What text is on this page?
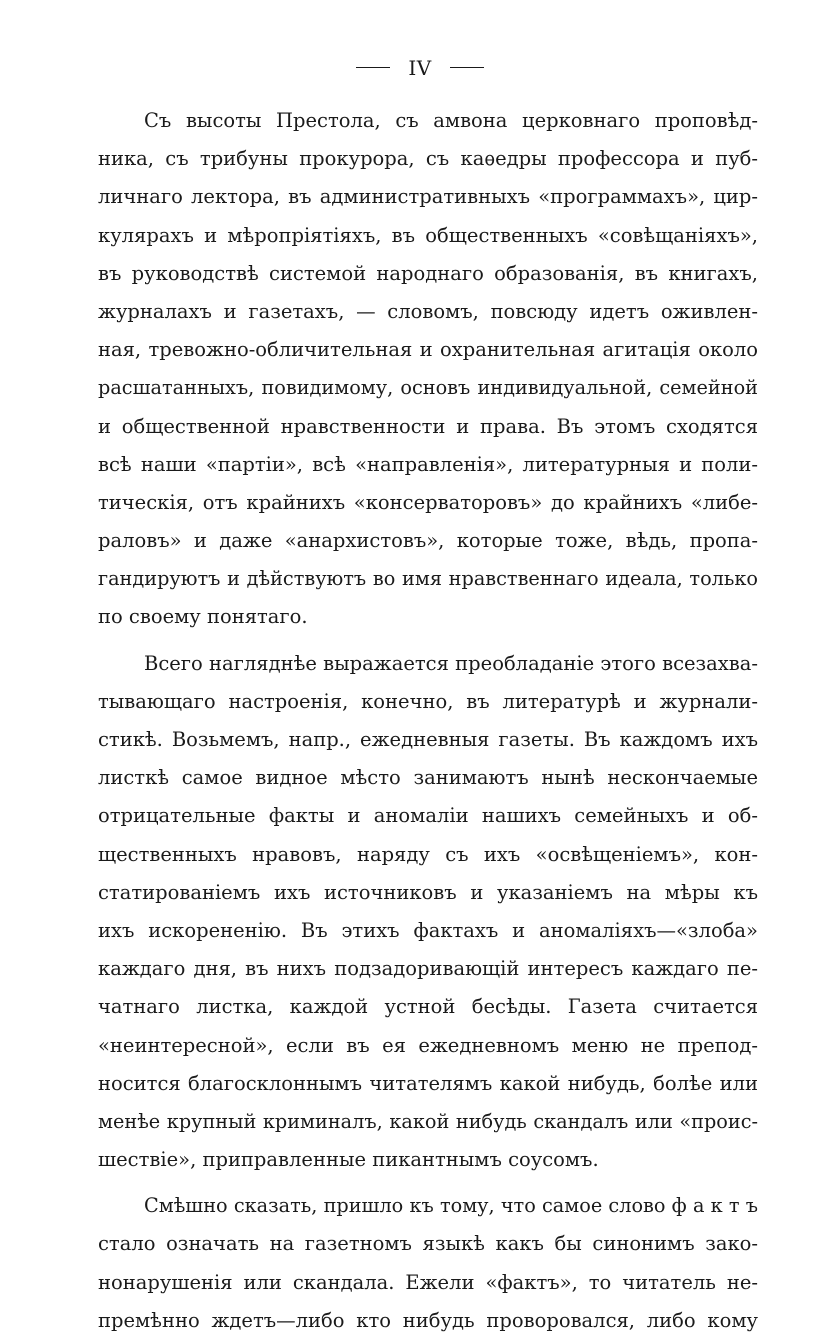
IV

Съ высоты Престола, съ амвона церковнаго проповѣд-
ника, съ трибуны прокурора, съ каѳедры профессора и пуб-
личнаго лектора, въ административныхъ «программахъ», цир-
кулярахъ и мѣропріятіяхъ, въ общественныхъ «совѣщаніяхъ»,
въ руководствѣ системой народнаго образованія, въ книгахъ,
журналахъ и газетахъ, — словомъ, повсюду идетъ оживлен-
ная, тревожно-обличительная и охранительная агитація около
расшатанныхъ, повидимому, основъ индивидуальной, семейной
и общественной нравственности и права. Въ этомъ сходятся
всѣ наши «партіи», всѣ «направленія», литературныя и поли-
тическія, отъ крайнихъ «консерваторовъ» до крайнихъ «либе-
раловъ» и даже «анархистовъ», которые тоже, вѣдь, пропа-
гандируютъ и дѣйствуютъ во имя нравственнаго идеала, только
по своему понятаго.

Всего нагляднѣе выражается преобладаніе этого всезахва-
тывающаго настроенія, конечно, въ литературѣ и журнали-
стикѣ. Возьмемъ, напр., ежедневныя газеты. Въ каждомъ ихъ
листкѣ самое видное мѣсто занимаютъ нынѣ нескончаемые
отрицательные факты и аномаліи нашихъ семейныхъ и об-
щественныхъ нравовъ, наряду съ ихъ «освѣщеніемъ», кон-
статированіемъ ихъ источниковъ и указаніемъ на мѣры къ
ихъ искорененію. Въ этихъ фактахъ и аномаліяхъ—«злоба»
каждаго дня, въ нихъ подзадоривающій интересъ каждаго пе-
чатнаго листка, каждой устной бесѣды. Газета считается
«неинтересной», если въ ея ежедневномъ меню не препод-
носится благосклоннымъ читателямъ какой нибудь, болѣе или
менѣе крупный криминалъ, какой нибудь скандалъ или «проис-
шествіе», приправленные пикантнымъ соусомъ.

Смѣшно сказать, пришло къ тому, что самое слово ф а к т ъ
стало означать на газетномъ языкѣ какъ бы синонимъ зако-
нонарушенія или скандала. Ежели «фактъ», то читатель не-
премѣнно ждетъ—либо кто нибудь проворовался, либо кому
